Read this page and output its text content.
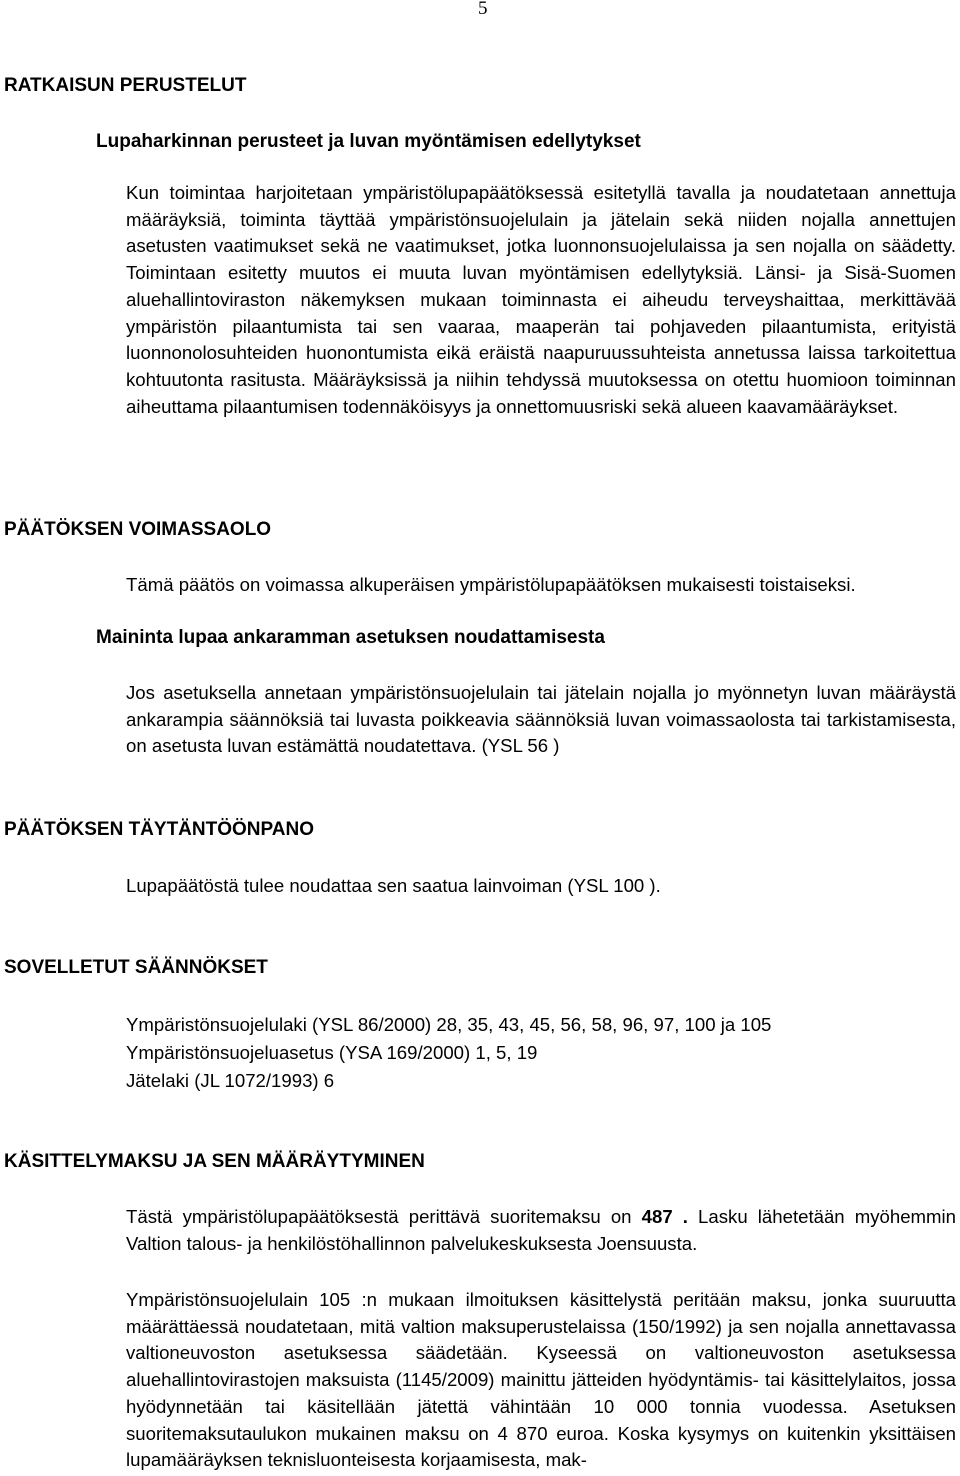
5
RATKAISUN PERUSTELUT
Lupaharkinnan perusteet ja luvan myöntämisen edellytykset

Kun toimintaa harjoitetaan ympäristölupapäätöksessä esitetyllä tavalla ja noudatetaan annettuja määräyksiä, toiminta täyttää ympäristönsuojelulain ja jätelain sekä niiden nojalla annettujen asetusten vaatimukset sekä ne vaatimukset, jotka luonnonsuojelulaissa ja sen nojalla on säädetty. Toimintaan esitetty muutos ei muuta luvan myöntämisen edellytyksiä. Länsi- ja Sisä-Suomen aluehallintoviraston näkemyksen mukaan toiminnasta ei aiheudu terveyshaittaa, merkittävää ympäristön pilaantumista tai sen vaaraa, maaperän tai pohjaveden pilaantumista, erityistä luonnonolosuhteiden huonontumista eikä eräistä naapuruussuhteista annetussa laissa tarkoitettua kohtuutonta rasitusta. Määräyksissä ja niihin tehdyssä muutoksessa on otettu huomioon toiminnan aiheuttama pilaantumisen todennäköisyys ja onnettomuusriski sekä alueen kaavamääräykset.

PÄÄTÖKSEN VOIMASSAOLO

Tämä päätös on voimassa alkuperäisen ympäristölupapäätöksen mukaisesti toistaiseksi.

Maininta lupaa ankaramman asetuksen noudattamisesta

Jos asetuksella annetaan ympäristönsuojelulain tai jätelain nojalla jo myönnetyn luvan määräystä ankarampia säännöksiä tai luvasta poikkeavia säännöksiä luvan voimassaolosta tai tarkistamisesta, on asetusta luvan estämättä noudatettava. (YSL 56 )

PÄÄTÖKSEN TÄYTÄNTÖÖNPANO

Lupapäätöstä tulee noudattaa sen saatua lainvoiman (YSL 100 ).

SOVELLETUT SÄÄNNÖKSET
Ympäristönsuojelulaki (YSL 86/2000) 28, 35, 43, 45, 56, 58, 96, 97, 100 ja 105
Ympäristönsuojeluasetus (YSA 169/2000) 1, 5, 19
Jätelaki (JL 1072/1993) 6
KÄSITTELYMAKSU JA SEN MÄÄRÄYTYMINEN

Tästä ympäristölupapäätöksestä perittävä suoritemaksu on 487 . Lasku lähetetään myöhemmin Valtion talous- ja henkilöstöhallinnon palvelukeskuksesta Joensuusta.

Ympäristönsuojelulain 105 :n mukaan ilmoituksen käsittelystä peritään maksu, jonka suuruutta määrättäessä noudatetaan, mitä valtion maksuperustelaissa (150/1992) ja sen nojalla annettavassa valtioneuvoston asetuksessa säädetään. Kyseessä on valtioneuvoston asetuksessa aluehallintovirastojen maksuista (1145/2009) mainittu jätteiden hyödyntämis- tai käsittelylaitos, jossa hyödynnetään tai käsitellään jätettä vähintään 10 000 tonnia vuodessa. Asetuksen suoritemaksutaulukon mukainen maksu on 4 870 euroa. Koska kysymys on kuitenkin yksittäisen lupamääräyksen teknisluonteisesta korjaamisesta, mak-
